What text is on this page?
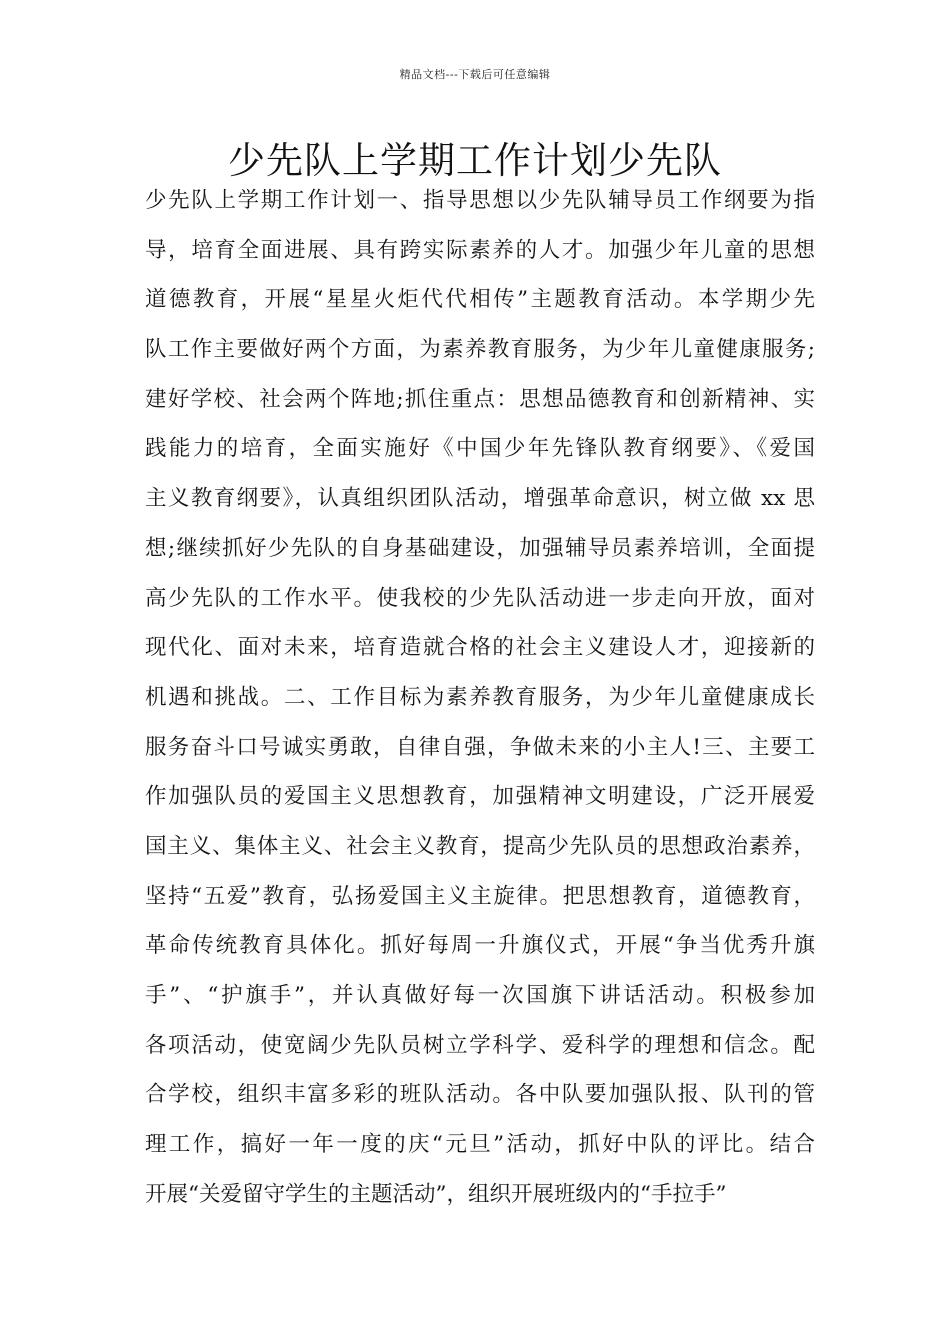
精品文档---下载后可任意编辑
少先队上学期工作计划少先队
少先队上学期工作计划一、指导思想以少先队辅导员工作纲要为指
导，培育全面进展、具有跨实际素养的人才。加强少年儿童的思想
道德教育，开展“星星火炬代代相传”主题教育活动。本学期少先
队工作主要做好两个方面，为素养教育服务，为少年儿童健康服务;
建好学校、社会两个阵地;抓住重点：思想品德教育和创新精神、实
践能力的培育，全面实施好《中国少年先锋队教育纲要》、《爱国
主义教育纲要》，认真组织团队活动，增强革命意识，树立做 xx 思
想;继续抓好少先队的自身基础建设，加强辅导员素养培训，全面提
高少先队的工作水平。使我校的少先队活动进一步走向开放，面对
现代化、面对未来，培育造就合格的社会主义建设人才，迎接新的
机遇和挑战。二、工作目标为素养教育服务，为少年儿童健康成长
服务奋斗口号诚实勇敢，自律自强，争做未来的小主人!三、主要工
作加强队员的爱国主义思想教育，加强精神文明建设，广泛开展爱
国主义、集体主义、社会主义教育，提高少先队员的思想政治素养，
坚持“五爱”教育，弘扬爱国主义主旋律。把思想教育，道德教育，
革命传统教育具体化。抓好每周一升旗仪式，开展“争当优秀升旗
手”、“护旗手”，并认真做好每一次国旗下讲话活动。积极参加
各项活动，使宽阔少先队员树立学科学、爱科学的理想和信念。配
合学校，组织丰富多彩的班队活动。各中队要加强队报、队刊的管
理工作，搞好一年一度的庆“元旦”活动，抓好中队的评比。结合
开展“关爱留守学生的主题活动”，组织开展班级内的“手拉手”
